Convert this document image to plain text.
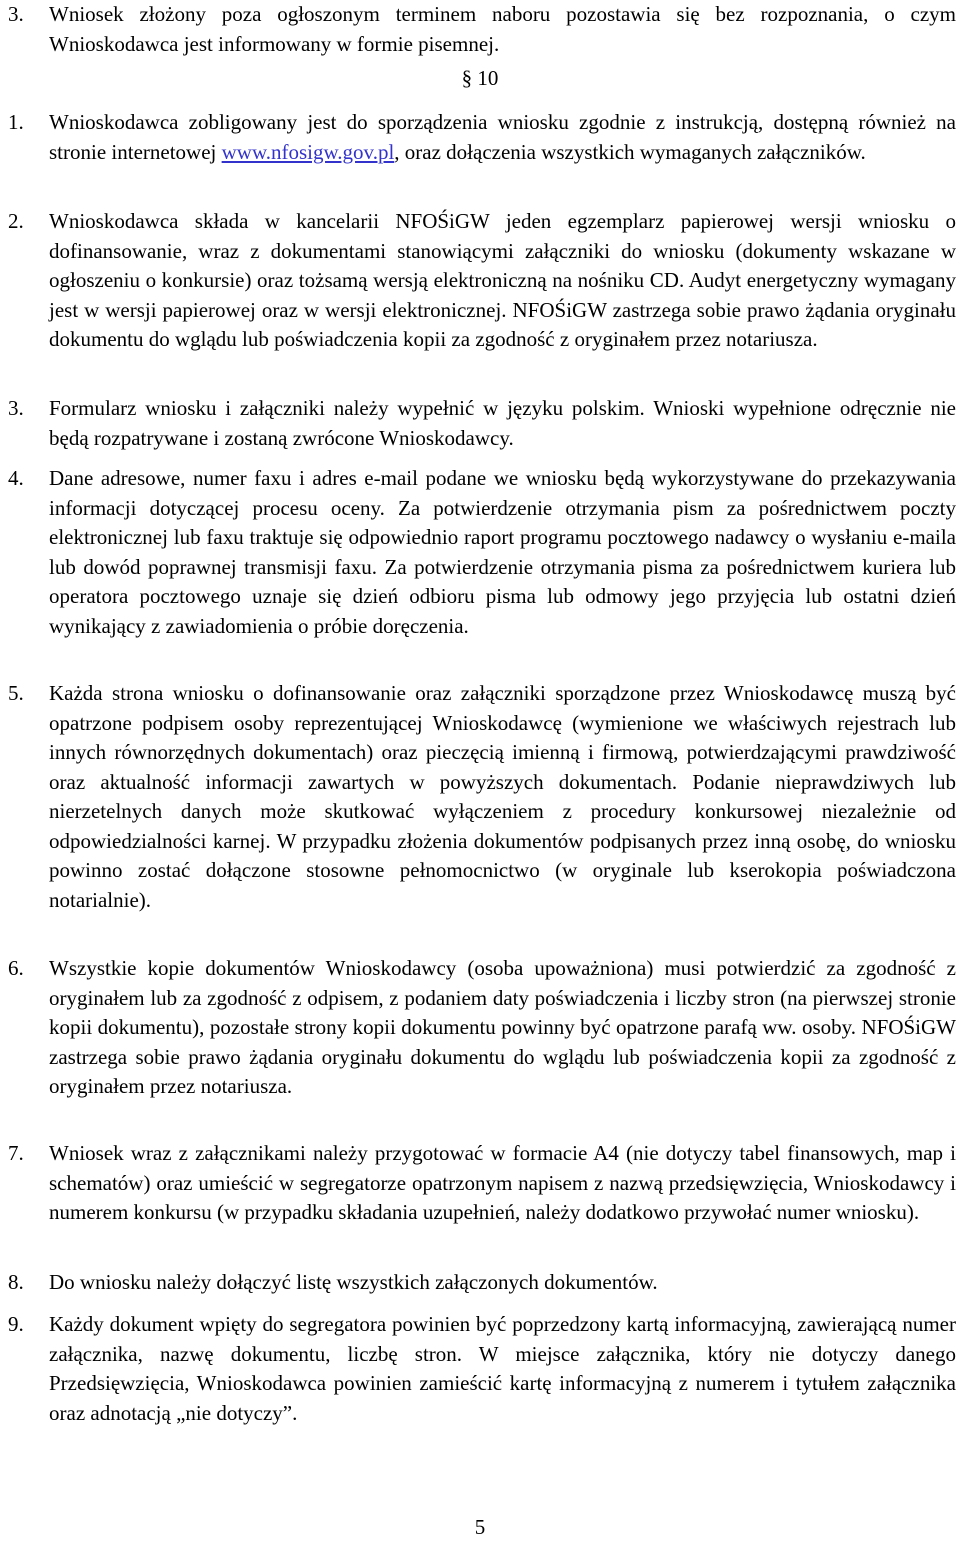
3.	Wniosek złożony poza ogłoszonym terminem naboru pozostawia się bez rozpoznania, o czym Wnioskodawca jest informowany w formie pisemnej.
§ 10
1.	Wnioskodawca zobligowany jest do sporządzenia wniosku zgodnie z instrukcją, dostępną również na stronie internetowej www.nfosigw.gov.pl, oraz dołączenia wszystkich wymaganych załączników.
2.	Wnioskodawca składa w kancelarii NFOŚiGW jeden egzemplarz papierowej wersji wniosku o dofinansowanie, wraz z dokumentami stanowiącymi załączniki do wniosku (dokumenty wskazane w ogłoszeniu o konkursie) oraz tożsamą wersją elektroniczną na nośniku CD. Audyt energetyczny wymagany jest w wersji papierowej oraz w wersji elektronicznej. NFOŚiGW zastrzega sobie prawo żądania oryginału dokumentu do wglądu lub poświadczenia kopii za zgodność z oryginałem przez notariusza.
3.	Formularz wniosku i załączniki należy wypełnić w języku polskim. Wnioski wypełnione odręcznie nie będą rozpatrywane i zostaną zwrócone Wnioskodawcy.
4.	Dane adresowe, numer faxu i adres e-mail podane we wniosku będą wykorzystywane do przekazywania informacji dotyczącej procesu oceny. Za potwierdzenie otrzymania pism za pośrednictwem poczty elektronicznej lub faxu traktuje się odpowiednio raport programu pocztowego nadawcy o wysłaniu e-maila lub dowód poprawnej transmisji faxu. Za potwierdzenie otrzymania pisma za pośrednictwem kuriera lub operatora pocztowego uznaje się dzień odbioru pisma lub odmowy jego przyjęcia lub ostatni dzień wynikający z zawiadomienia o próbie doręczenia.
5.	Każda strona wniosku o dofinansowanie oraz załączniki sporządzone przez Wnioskodawcę muszą być opatrzone podpisem osoby reprezentującej Wnioskodawcę (wymienione we właściwych rejestrach lub innych równorzędnych dokumentach) oraz pieczęcią imienną i firmową, potwierdzającymi prawdziwość oraz aktualność informacji zawartych w powyższych dokumentach. Podanie nieprawdziwych lub nierzetelnych danych może skutkować wyłączeniem z procedury konkursowej niezależnie od odpowiedzialności karnej. W przypadku złożenia dokumentów podpisanych przez inną osobę, do wniosku powinno zostać dołączone stosowne pełnomocnictwo (w oryginale lub kserokopia poświadczona notarialnie).
6.	Wszystkie kopie dokumentów Wnioskodawcy (osoba upoważniona) musi potwierdzić za zgodność z oryginałem lub za zgodność z odpisem, z podaniem daty poświadczenia i liczby stron (na pierwszej stronie kopii dokumentu), pozostałe strony kopii dokumentu powinny być opatrzone parafą ww. osoby. NFOŚiGW zastrzega sobie prawo żądania oryginału dokumentu do wglądu lub poświadczenia kopii za zgodność z oryginałem przez notariusza.
7.	Wniosek wraz z załącznikami należy przygotować w formacie A4 (nie dotyczy tabel finansowych, map i schematów) oraz umieścić w segregatorze opatrzonym napisem z nazwą przedsięwzięcia, Wnioskodawcy i numerem konkursu (w przypadku składania uzupełnień, należy dodatkowo przywołać numer wniosku).
8.	Do wniosku należy dołączyć listę wszystkich załączonych dokumentów.
9.	Każdy dokument wpięty do segregatora powinien być poprzedzony kartą informacyjną, zawierającą numer załącznika, nazwę dokumentu, liczbę stron. W miejsce załącznika, który nie dotyczy danego Przedsięwzięcia, Wnioskodawca powinien zamieścić kartę informacyjną z numerem i tytułem załącznika oraz adnotacją „nie dotyczy”.
5
